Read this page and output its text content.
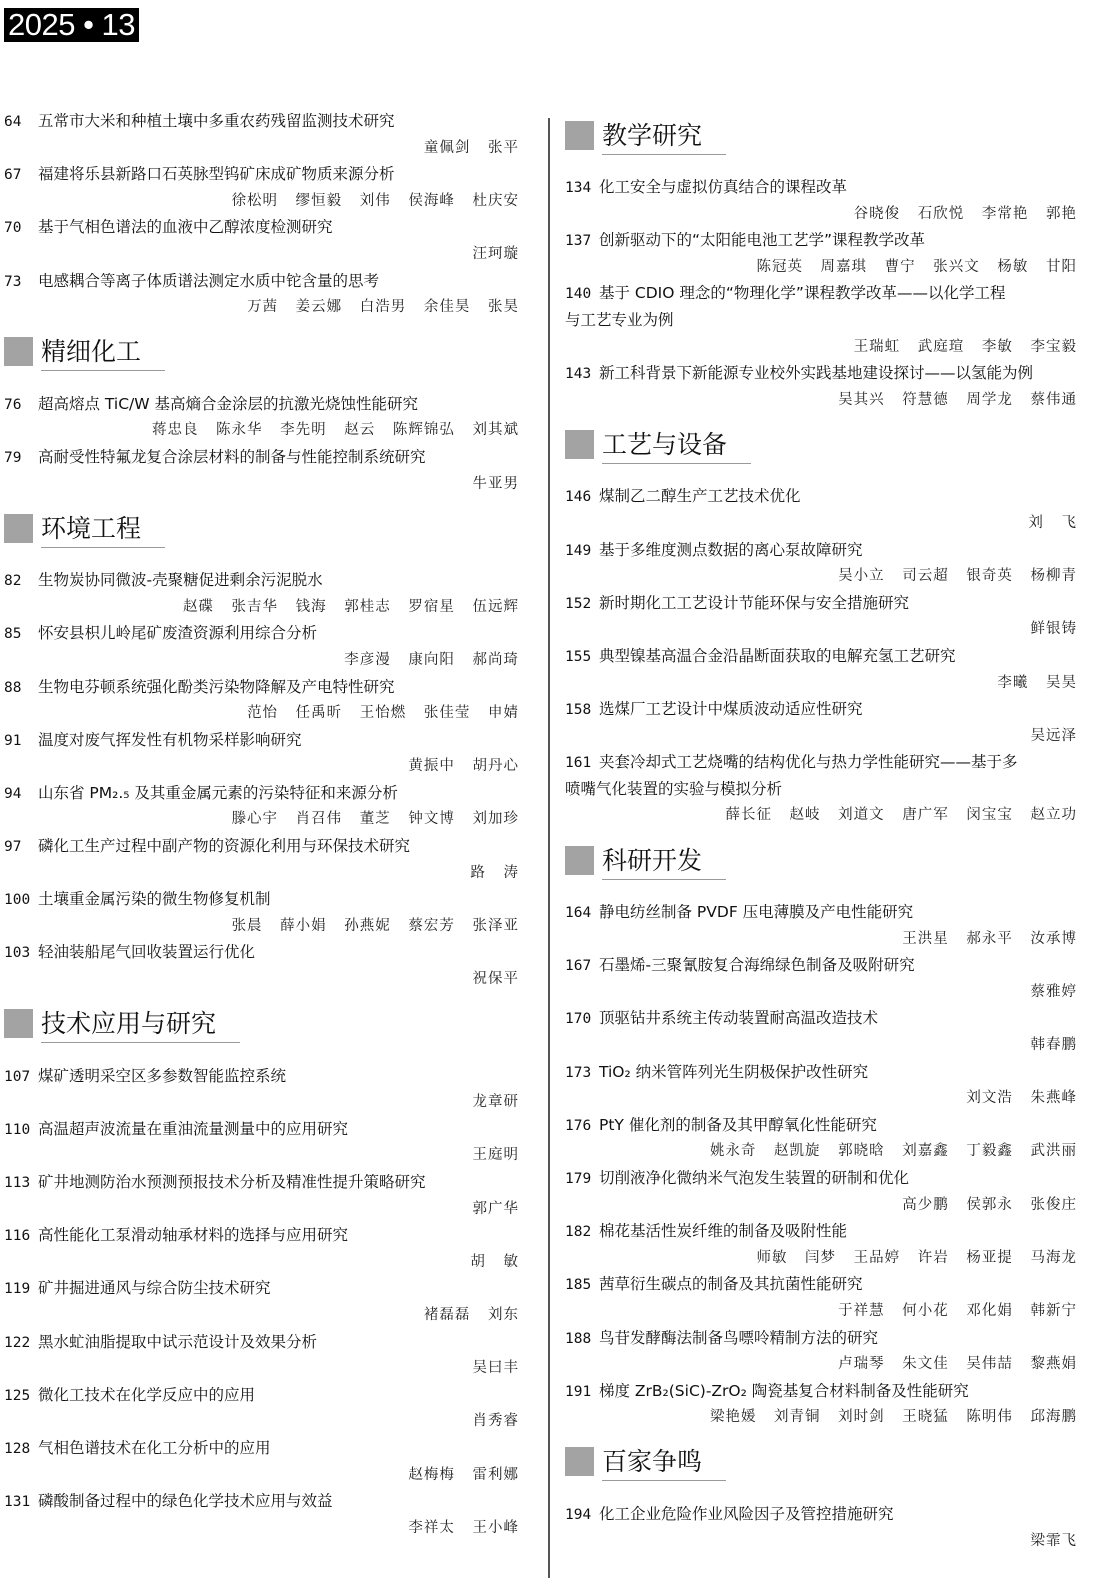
2025 • 13
64 五常市大米和种植土壤中多重农药残留监测技术研究
童佩剑 张平
67 福建将乐县新路口石英脉型钨矿床成矿物质来源分析
徐松明 缪恒毅 刘伟 侯海峰 杜庆安
70 基于气相色谱法的血液中乙醇浓度检测研究
汪珂璇
73 电感耦合等离子体质谱法测定水质中铊含量的思考
万茜 姜云娜 白浩男 余佳昊 张昊
精细化工
76 超高熔点 TiC/W 基高熵合金涂层的抗激光烧蚀性能研究
蒋忠良 陈永华 李先明 赵云 陈辉锦弘 刘其斌
79 高耐受性特氟龙复合涂层材料的制备与性能控制系统研究
牛亚男
环境工程
82 生物炭协同微波-壳聚糖促进剩余污泥脱水
赵碟 张吉华 钱海 郭桂志 罗宿星 伍远辉
85 怀安县枳儿岭尾矿废渣资源利用综合分析
李彦漫 康向阳 郝尚琦
88 生物电芬顿系统强化酚类污染物降解及产电特性研究
范怡 任禹昕 王怡燃 张佳莹 申婧
91 温度对废气挥发性有机物采样影响研究
黄振中 胡丹心
94 山东省 PM₂.₅ 及其重金属元素的污染特征和来源分析
滕心宇 肖召伟 董芝 钟文博 刘加珍
97 磷化工生产过程中副产物的资源化利用与环保技术研究
路 涛
100 土壤重金属污染的微生物修复机制
张晨 薛小娟 孙燕妮 蔡宏芳 张泽亚
103 轻油装船尾气回收装置运行优化
祝保平
技术应用与研究
107 煤矿透明采空区多参数智能监控系统
龙章研
110 高温超声波流量在重油流量测量中的应用研究
王庭明
113 矿井地测防治水预测预报技术分析及精准性提升策略研究
郭广华
116 高性能化工泵滑动轴承材料的选择与应用研究
胡 敏
119 矿井掘进通风与综合防尘技术研究
褚磊磊 刘东
122 黑水虻油脂提取中试示范设计及效果分析
吴曰丰
125 微化工技术在化学反应中的应用
肖秀睿
128 气相色谱技术在化工分析中的应用
赵梅梅 雷利娜
131 磷酸制备过程中的绿色化学技术应用与效益
李祥太 王小峰
教学研究
134 化工安全与虚拟仿真结合的课程改革
谷晓俊 石欣悦 李常艳 郭艳
137 创新驱动下的“太阳能电池工艺学”课程教学改革
陈冠英 周嘉琪 曹宁 张兴文 杨敏 甘阳
140 基于 CDIO 理念的“物理化学”课程教学改革——以化学工程
与工艺专业为例
王瑞虹 武庭瑄 李敏 李宝毅
143 新工科背景下新能源专业校外实践基地建设探讨——以氢能为例
吴其兴 符慧德 周学龙 蔡伟通
工艺与设备
146 煤制乙二醇生产工艺技术优化
刘 飞
149 基于多维度测点数据的离心泵故障研究
吴小立 司云超 银奇英 杨柳青
152 新时期化工工艺设计节能环保与安全措施研究
鲜银铸
155 典型镍基高温合金沿晶断面获取的电解充氢工艺研究
李曦 吴昊
158 选煤厂工艺设计中煤质波动适应性研究
吴远泽
161 夹套冷却式工艺烧嘴的结构优化与热力学性能研究——基于多
喷嘴气化装置的实验与模拟分析
薛长征 赵岐 刘道文 唐广军 闵宝宝 赵立功
科研开发
164 静电纺丝制备 PVDF 压电薄膜及产电性能研究
王洪星 郝永平 汝承博
167 石墨烯-三聚氰胺复合海绵绿色制备及吸附研究
蔡雅婷
170 顶驱钻井系统主传动装置耐高温改造技术
韩春鹏
173 TiO₂ 纳米管阵列光生阴极保护改性研究
刘文浩 朱燕峰
176 PtY 催化剂的制备及其甲醇氧化性能研究
姚永奇 赵凯旋 郭晓晗 刘嘉鑫 丁毅鑫 武洪丽
179 切削液净化微纳米气泡发生装置的研制和优化
高少鹏 侯郭永 张俊庄
182 棉花基活性炭纤维的制备及吸附性能
师敏 闫梦 王品婷 许岩 杨亚提 马海龙
185 茜草衍生碳点的制备及其抗菌性能研究
于祥慧 何小花 邓化娟 韩新宁
188 鸟苷发酵酶法制备鸟嘌呤精制方法的研究
卢瑞琴 朱文佳 吴伟喆 黎燕娟
191 梯度 ZrB₂(SiC)-ZrO₂ 陶瓷基复合材料制备及性能研究
梁艳媛 刘青铜 刘时剑 王晓猛 陈明伟 邱海鹏
百家争鸣
194 化工企业危险作业风险因子及管控措施研究
梁霏飞
